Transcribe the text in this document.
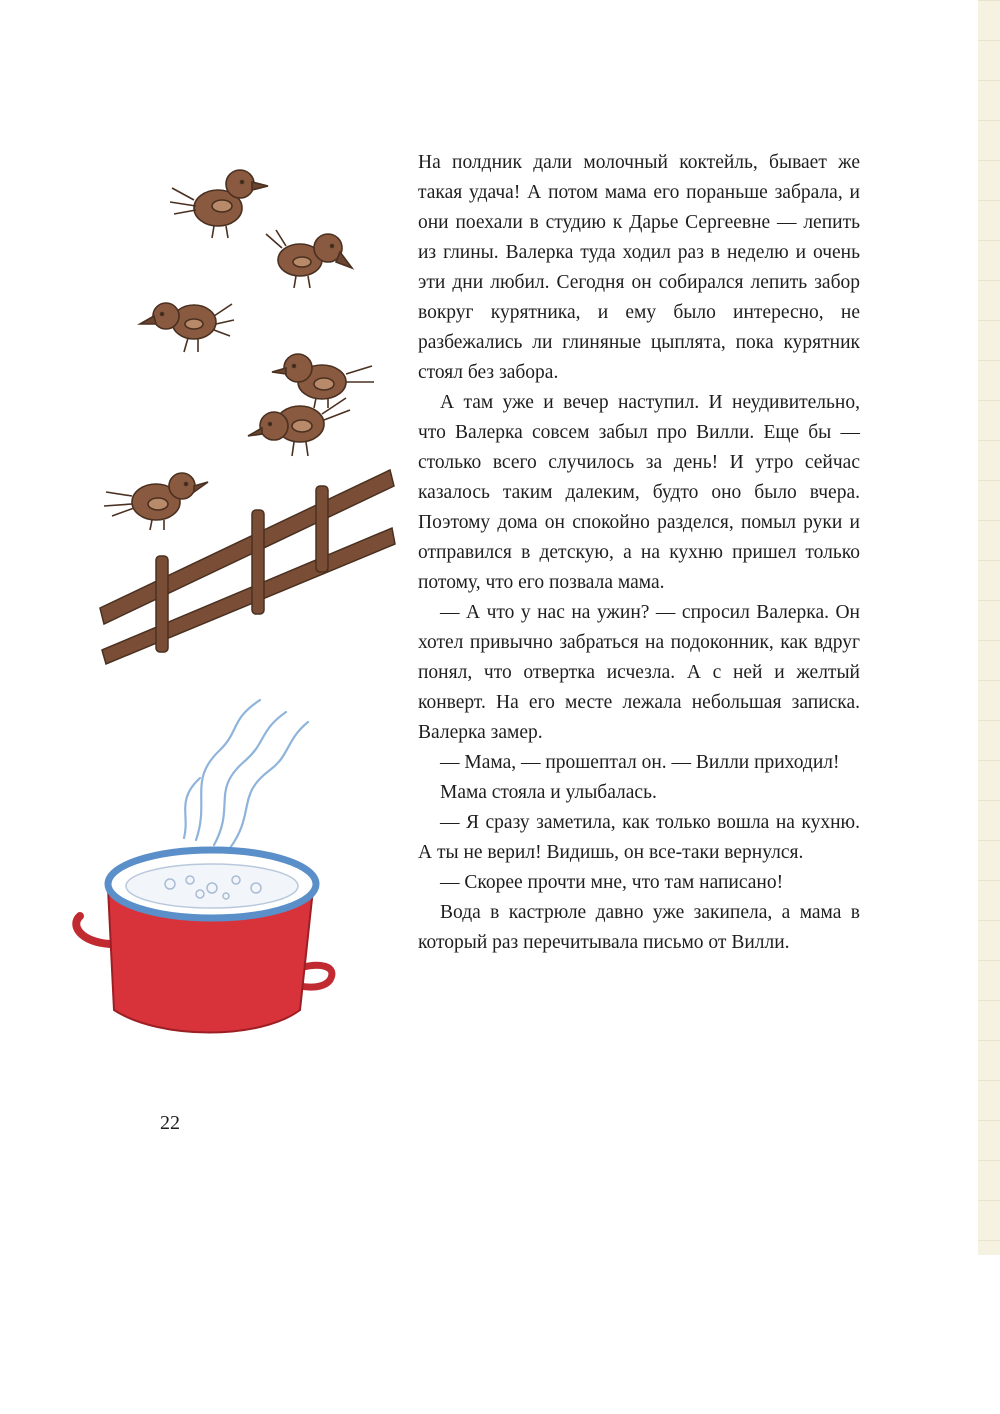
На полдник дали молочный коктейль, бывает же такая удача! А потом мама его пораньше забрала, и они поехали в студию к Дарье Сергеевне — лепить из глины. Валерка туда ходил раз в неделю и очень эти дни любил. Сегодня он собирался лепить забор вокруг курятника, и ему было интересно, не разбежались ли глиняные цыплята, пока курятник стоял без забора.

А там уже и вечер наступил. И неудивительно, что Валерка совсем забыл про Вилли. Еще бы — столько всего случилось за день! И утро сейчас казалось таким далеким, будто оно было вчера. Поэтому дома он спокойно разделся, помыл руки и отправился в детскую, а на кухню пришел только потому, что его позвала мама.

— А что у нас на ужин? — спросил Валерка. Он хотел привычно забраться на подоконник, как вдруг понял, что отвертка исчезла. А с ней и желтый конверт. На его месте лежала небольшая записка. Валерка замер.

— Мама, — прошептал он. — Вилли приходил!

Мама стояла и улыбалась.

— Я сразу заметила, как только вошла на кухню. А ты не верил! Видишь, он все-таки вернулся.

— Скорее прочти мне, что там написано!

Вода в кастрюле давно уже закипела, а мама в который раз перечитывала письмо от Вилли.

22
